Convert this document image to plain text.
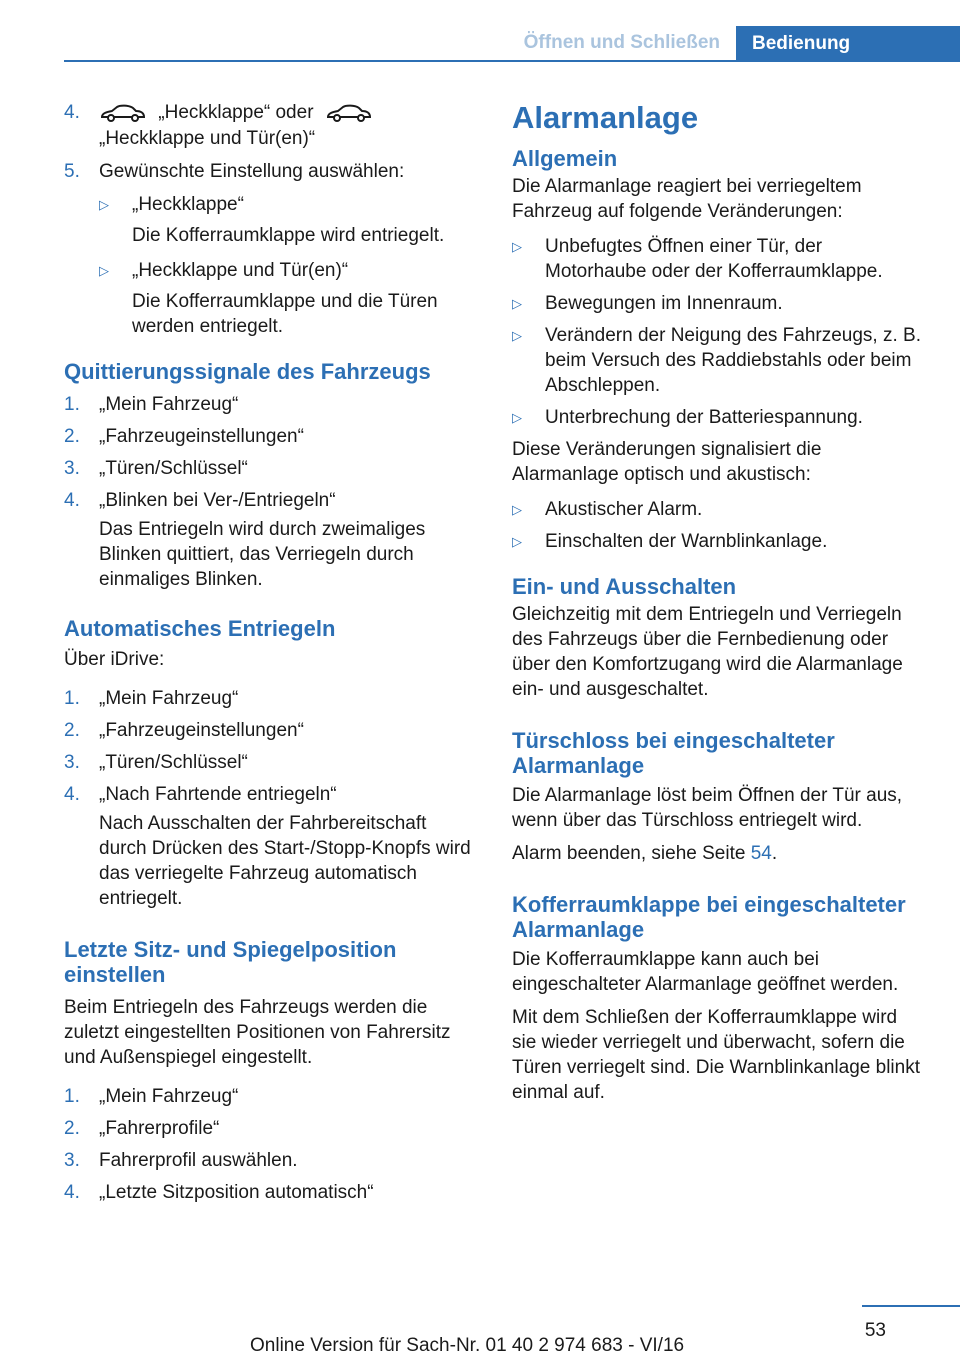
Öffnen und Schließen	Bedienung
4.	„Heckklappe“ oder
„Heckklappe und Tür(en)“
5. Gewünschte Einstellung auswählen:
▷ „Heckklappe“
Die Kofferraumklappe wird entriegelt.
▷ „Heckklappe und Tür(en)“
Die Kofferraumklappe und die Türen werden entriegelt.
Quittierungssignale des Fahrzeugs
1. „Mein Fahrzeug“
2. „Fahrzeugeinstellungen“
3. „Türen/Schlüssel“
4. „Blinken bei Ver-/Entriegeln“
Das Entriegeln wird durch zweimaliges Blinken quittiert, das Verriegeln durch einmaliges Blinken.
Automatisches Entriegeln
Über iDrive:
1. „Mein Fahrzeug“
2. „Fahrzeugeinstellungen“
3. „Türen/Schlüssel“
4. „Nach Fahrtende entriegeln“
Nach Ausschalten der Fahrbereitschaft durch Drücken des Start-/Stopp-Knopfs wird das verriegelte Fahrzeug automatisch entriegelt.
Letzte Sitz- und Spiegelposition einstellen
Beim Entriegeln des Fahrzeugs werden die zuletzt eingestellten Positionen von Fahrersitz und Außenspiegel eingestellt.
1. „Mein Fahrzeug“
2. „Fahrerprofile“
3. Fahrerprofil auswählen.
4. „Letzte Sitzposition automatisch“
Alarmanlage
Allgemein
Die Alarmanlage reagiert bei verriegeltem Fahrzeug auf folgende Veränderungen:
▷ Unbefugtes Öffnen einer Tür, der Motorhaube oder der Kofferraumklappe.
▷ Bewegungen im Innenraum.
▷ Verändern der Neigung des Fahrzeugs, z. B. beim Versuch des Raddiebstahls oder beim Abschleppen.
▷ Unterbrechung der Batteriespannung.
Diese Veränderungen signalisiert die Alarmanlage optisch und akustisch:
▷ Akustischer Alarm.
▷ Einschalten der Warnblinkanlage.
Ein- und Ausschalten
Gleichzeitig mit dem Entriegeln und Verriegeln des Fahrzeugs über die Fernbedienung oder über den Komfortzugang wird die Alarmanlage ein- und ausgeschaltet.
Türschloss bei eingeschalteter Alarmanlage
Die Alarmanlage löst beim Öffnen der Tür aus, wenn über das Türschloss entriegelt wird.
Alarm beenden, siehe Seite 54.
Kofferraumklappe bei eingeschalteter Alarmanlage
Die Kofferraumklappe kann auch bei eingeschalteter Alarmanlage geöffnet werden.
Mit dem Schließen der Kofferraumklappe wird sie wieder verriegelt und überwacht, sofern die Türen verriegelt sind. Die Warnblinkanlage blinkt einmal auf.
53
Online Version für Sach-Nr. 01 40 2 974 683 - VI/16
